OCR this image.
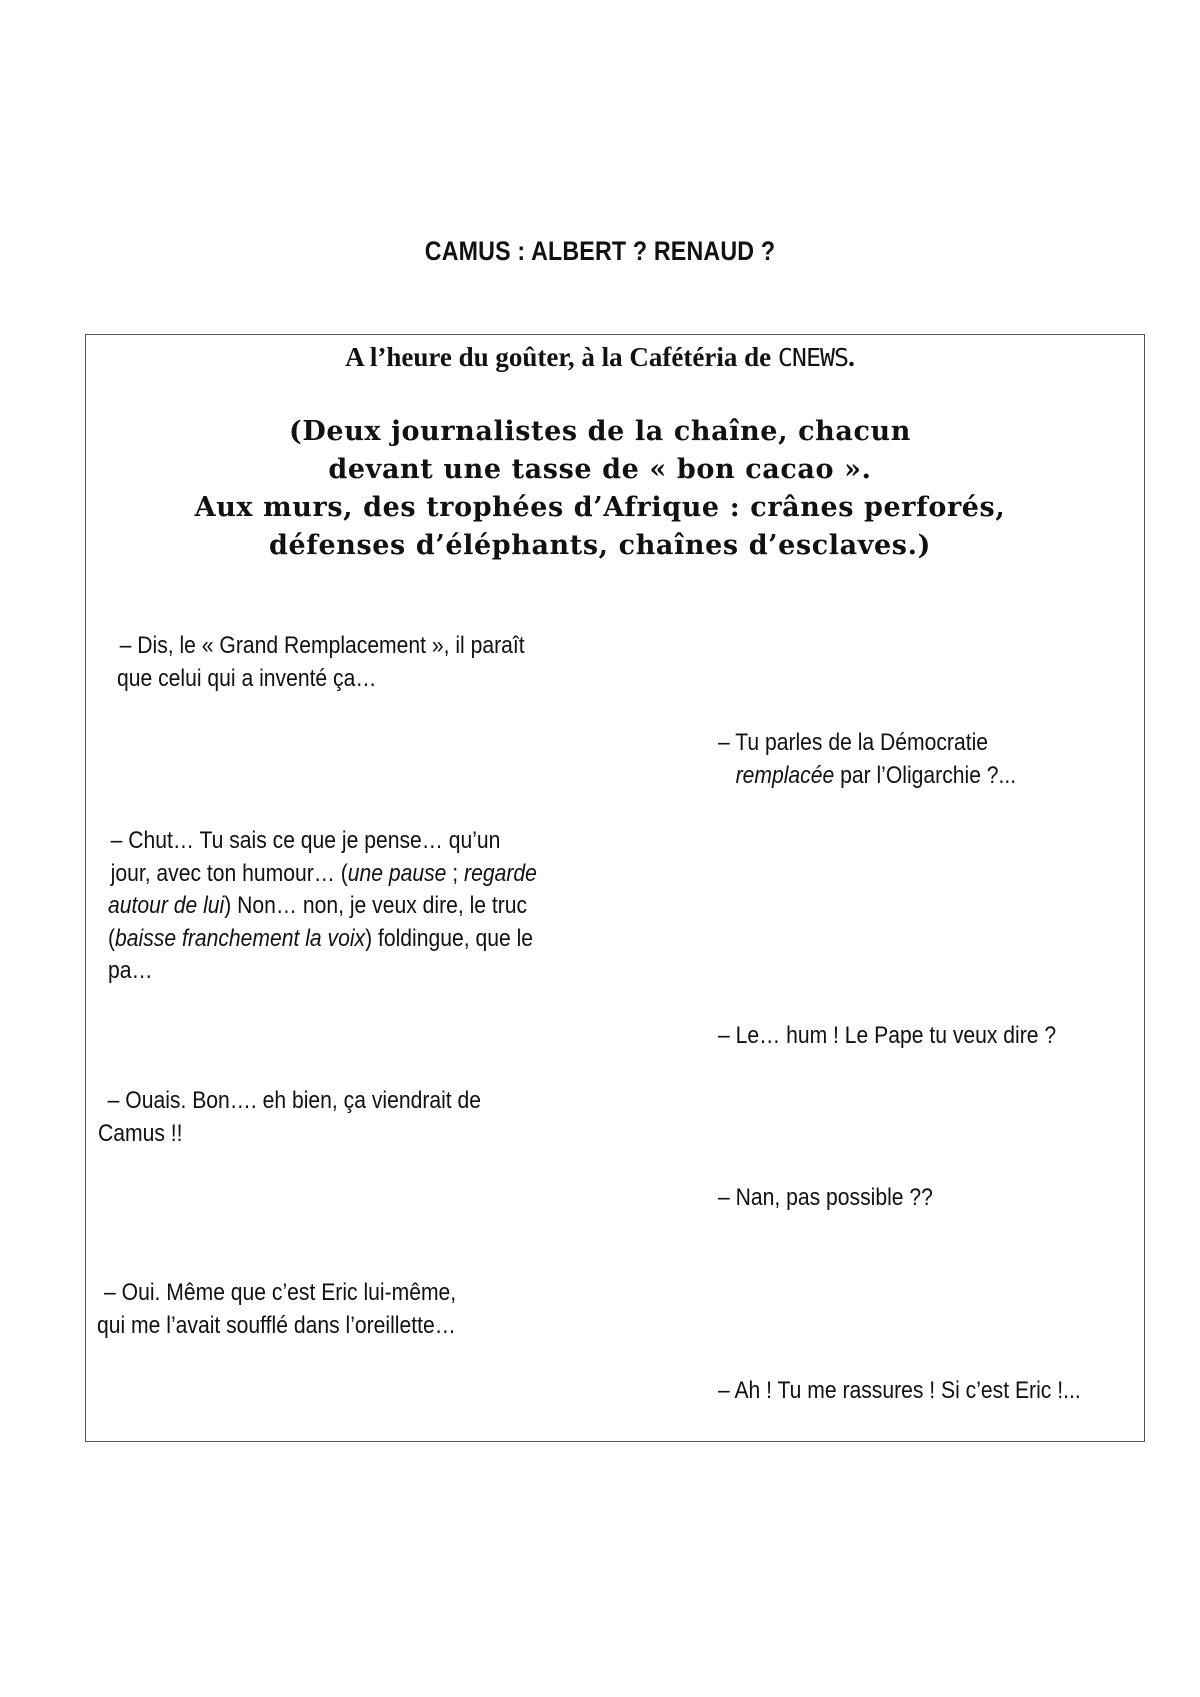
CAMUS : ALBERT ? RENAUD ?
A l’heure du goûter, à la Cafétéria de CNEWS.
(Deux journalistes de la chaîne, chacun
devant une tasse de « bon cacao ».
Aux murs, des trophées d’Afrique : crânes perforés,
défenses d’éléphants, chaînes d’esclaves.)
– Dis, le « Grand Remplacement », il paraît
que celui qui a inventé ça…
– Tu parles de la Démocratie
remplacée par l’Oligarchie ?...
– Chut… Tu sais ce que je pense… qu’un
jour, avec ton humour… (une pause ; regarde
autour de lui) Non… non, je veux dire, le truc
(baisse franchement la voix) foldingue, que le
pa…
– Le… hum ! Le Pape tu veux dire ?
– Ouais. Bon…. eh bien, ça viendrait de
Camus !!
– Nan, pas possible ??
– Oui. Même que c’est Eric lui-même,
qui me l’avait soufflé dans l’oreillette…
– Ah ! Tu me rassures ! Si c’est Eric !...
